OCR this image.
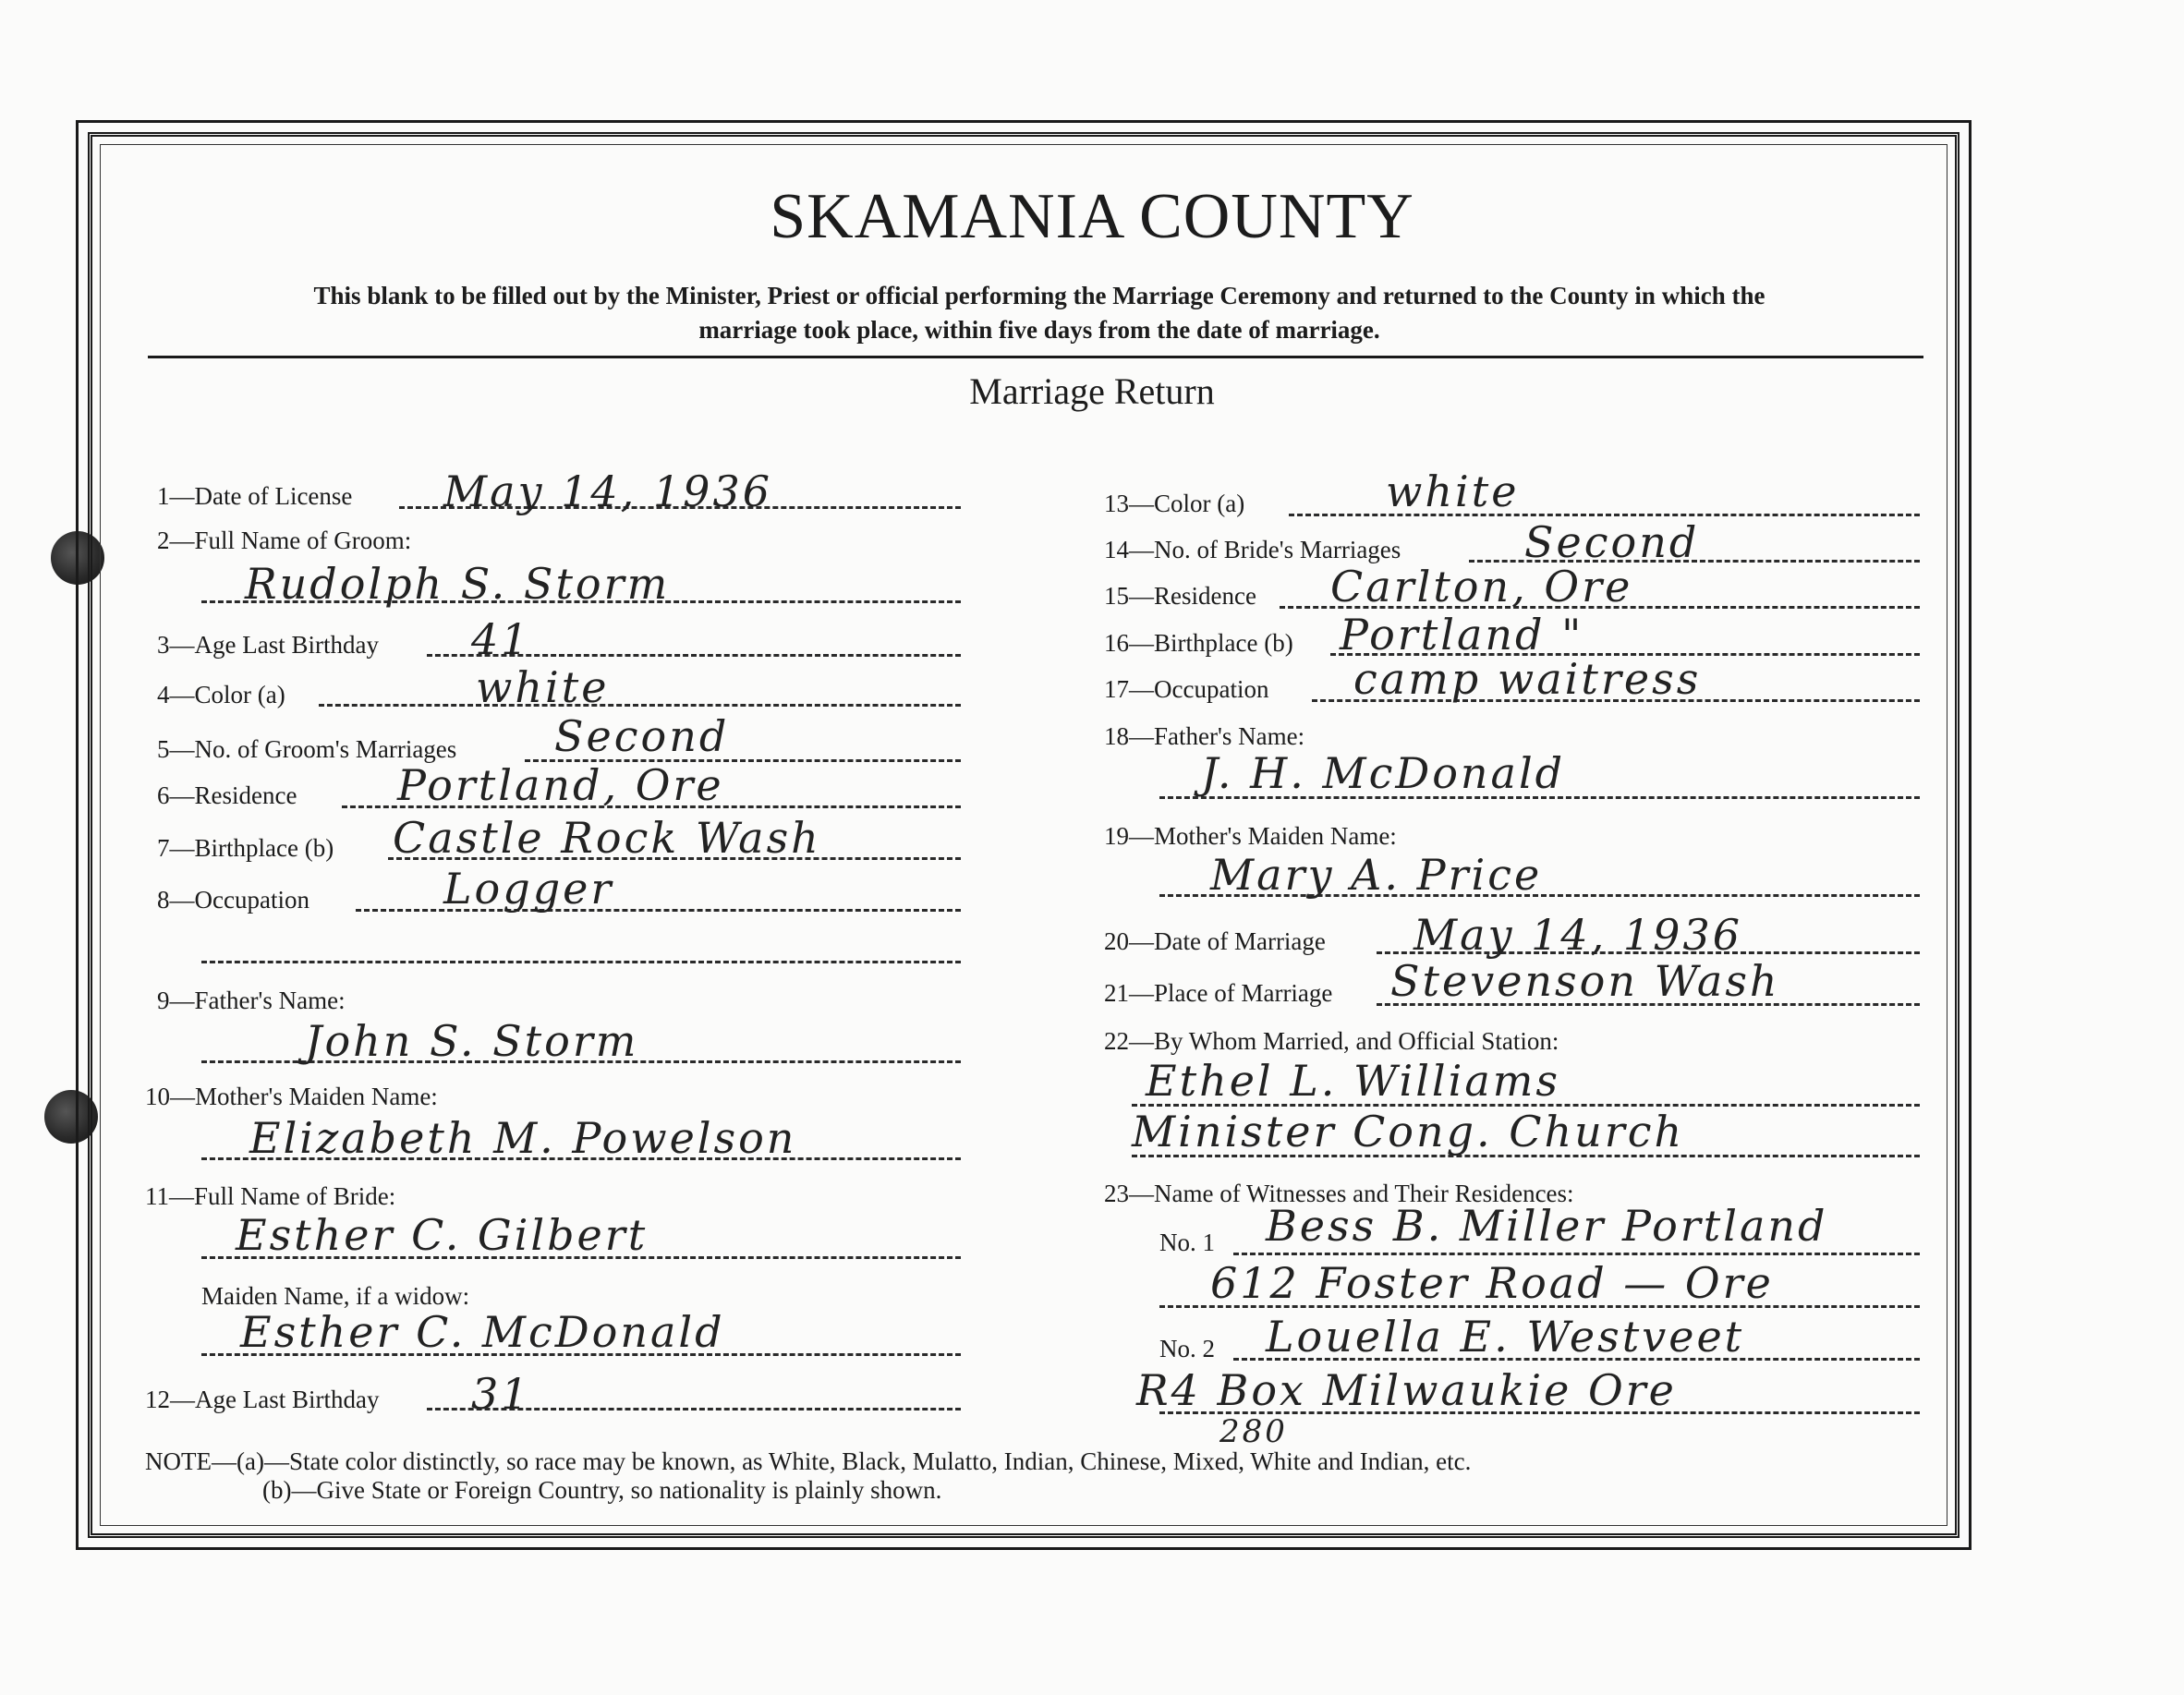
SKAMANIA COUNTY
This blank to be filled out by the Minister, Priest or official performing the Marriage Ceremony and returned to the County in which the marriage took place, within five days from the date of marriage.
Marriage Return
1—Date of License May 14, 1936
2—Full Name of Groom:
Rudolph S. Storm
3—Age Last Birthday 41
4—Color (a)	white
5—No. of Groom's Marriages Second
6—Residence Portland, Ore
7—Birthplace (b) Castle Rock Wash
8—Occupation	Logger
9—Father's Name:
John S. Storm
10—Mother's Maiden Name:
Elizabeth M. Powelson
11—Full Name of Bride:
Esther C. Gilbert
Maiden Name, if a widow:
Esther C. McDonald
12—Age Last Birthday 31
13—Color (a)	white
14—No. of Bride's Marriages	Second
15—Residence Carlton, Ore
16—Birthplace (b) Portland "
17—Occupation camp waitress
18—Father's Name:
J. H. McDonald
19—Mother's Maiden Name:
Mary A. Price
20—Date of Marriage May 14, 1936
21—Place of Marriage Stevenson Wash
22—By Whom Married, and Official Station:
Ethel L. Williams
Minister Cong. Church
23—Name of Witnesses and Their Residences:
No. 1 Bess B. Miller Portland
612 Foster Road — Ore
No. 2 Louella E. Westveet
R4 Box Milwaukie Ore
280
NOTE—(a)—State color distinctly, so race may be known, as White, Black, Mulatto, Indian, Chinese, Mixed, White and Indian, etc.
(b)—Give State or Foreign Country, so nationality is plainly shown.
